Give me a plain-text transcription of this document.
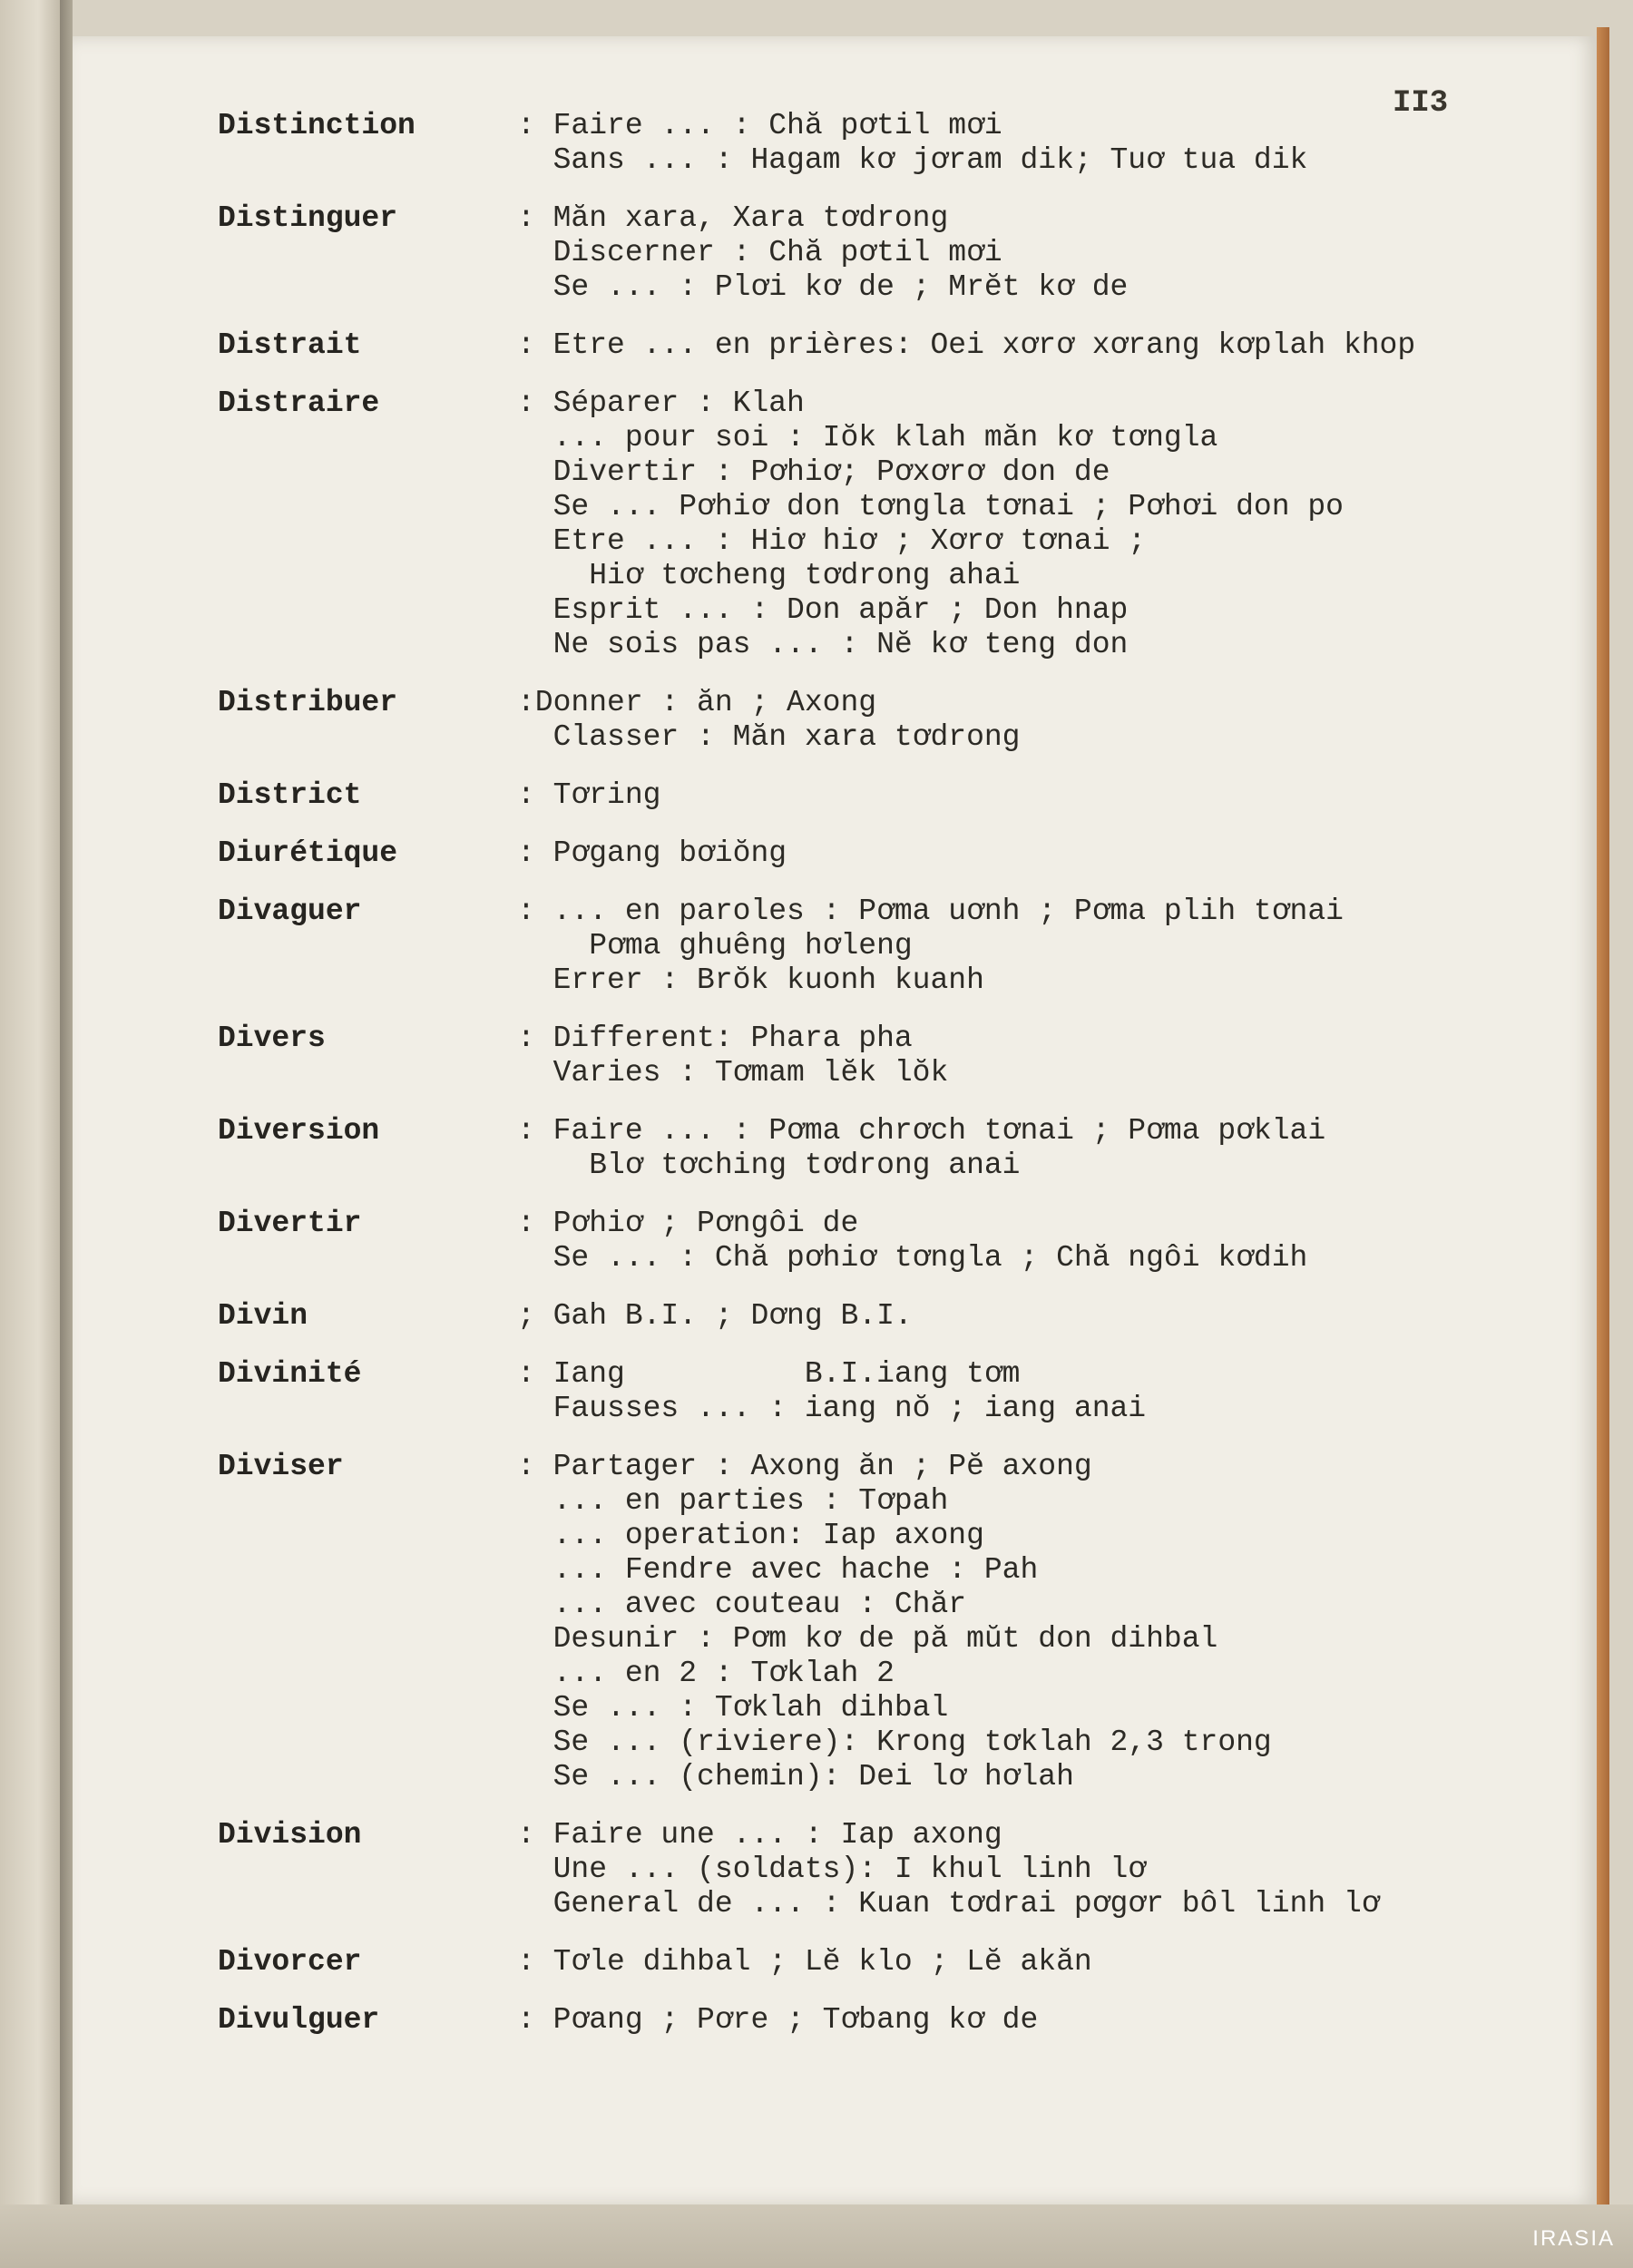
II3
Distinction	: Faire ... : Chă pơtil mơi
Sans ... : Hagam kơ jơram dik; Tuơ tua dik
Distinguer	: Măn xara, Xara tơdrong
Discerner : Chă pơtil mơi
Se ... : Plơi kơ de ; Mrĕt kơ de
Distrait	: Etre ... en prières: Oei xơrơ xơrang kơplah khop
Distraire	: Séparer : Klah
... pour soi : Iŏk klah măn kơ tơngla
Divertir : Pơhiơ; Pơxơrơ don de
Se ... Pơhiơ don tơngla tơnai ; Pơhơi don po
Etre ... : Hiơ hiơ ; Xơrơ tơnai ;
Hiơ tơcheng tơdrong ahai
Esprit ... : Don apăr ; Don hnap
Ne sois pas ... : Nĕ kơ teng don
Distribuer	:Donner : ăn ; Axong
Classer : Măn xara tơdrong
District	: Tơring
Diurétique	: Pơgang bơiŏng
Divaguer	: ... en paroles : Pơma uơnh ; Pơma plih tơnai
Pơma ghuêng hơleng
Errer : Brŏk kuonh kuanh
Divers	: Different: Phara pha
Varies : Tơmam lĕk lŏk
Diversion	: Faire ... : Pơma chrơch tơnai ; Pơma pơklai
Blơ tơching tơdrong anai
Divertir	: Pơhiơ ; Pơngôi de
Se ... : Chă pơhiơ tơngla ; Chă ngôi kơdih
Divin	; Gah B.I. ; Dơng B.I.
Divinité	: Iang          B.I.iang tơm
Fausses ... : iang nŏ ; iang anai
Diviser	: Partager : Axong ăn ; Pĕ axong
... en parties : Tơpah
... operation: Iap axong
... Fendre avec hache : Pah
... avec couteau : Chăr
Desunir : Pơm kơ de pă mŭt don dihbal
... en 2 : Tơklah 2
Se ... : Tơklah dihbal
Se ... (riviere): Krong tơklah 2,3 trong
Se ... (chemin): Dei lơ hơlah
Division	: Faire une ... : Iap axong
Une ... (soldats): I khul linh lơ
General de ... : Kuan tơdrai pơgơr bôl linh lơ
Divorcer	: Tơle dihbal ; Lĕ klo ; Lĕ akăn
Divulguer	: Pơang ; Pơre ; Tơbang kơ de
IRASIA
